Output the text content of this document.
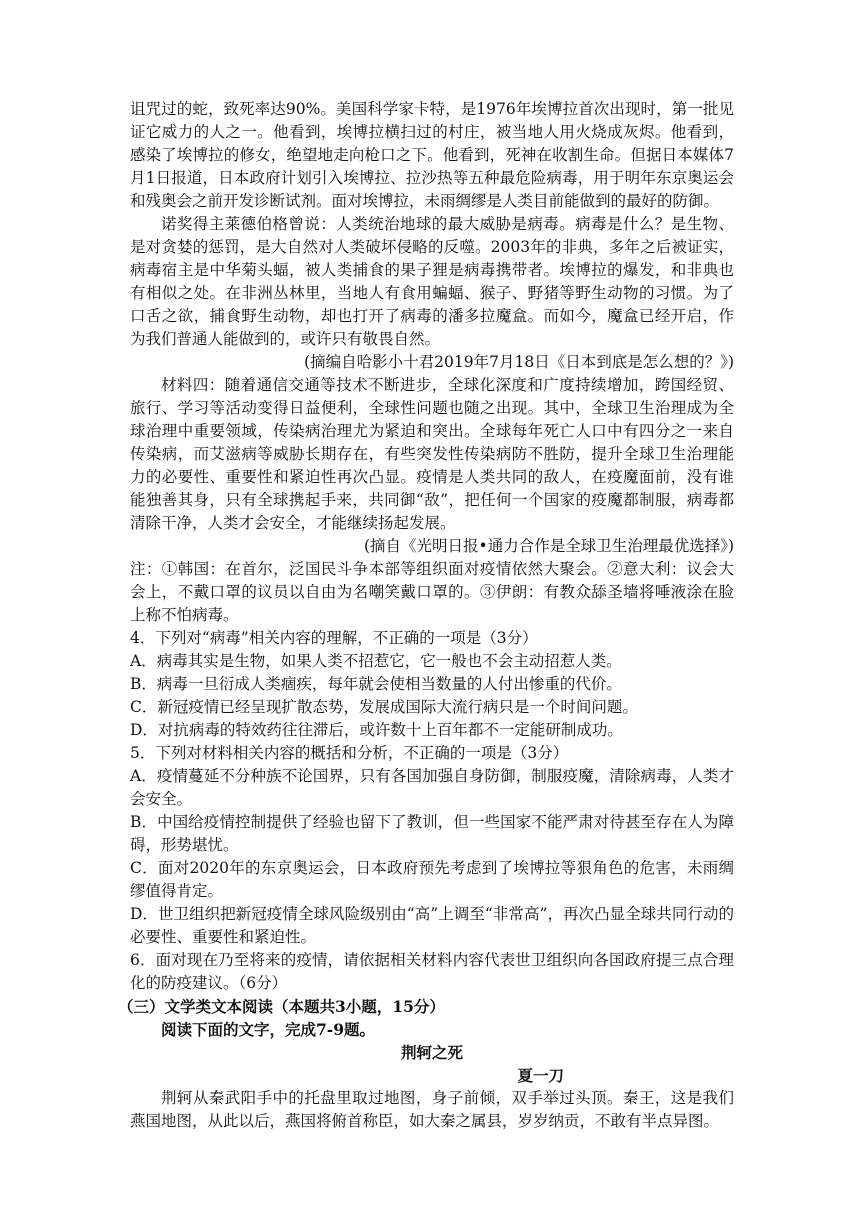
诅咒过的蛇，致死率达90%。美国科学家卡特，是1976年埃博拉首次出现时，第一批见证它威力的人之一。他看到，埃博拉横扫过的村庄，被当地人用火烧成灰烬。他看到，感染了埃博拉的修女，绝望地走向枪口之下。他看到，死神在收割生命。但据日本媒体7月1日报道，日本政府计划引入埃博拉、拉沙热等五种最危险病毒，用于明年东京奥运会和残奥会之前开发诊断试剂。面对埃博拉，未雨绸缪是人类目前能做到的最好的防御。

诺奖得主莱德伯格曾说：人类统治地球的最大威胁是病毒。病毒是什么？是生物、是对贪婪的惩罚，是大自然对人类破坏侵略的反噬。2003年的非典，多年之后被证实，病毒宿主是中华菊头蝠，被人类捕食的果子狸是病毒携带者。埃博拉的爆发，和非典也有相似之处。在非洲丛林里，当地人有食用蝙蝠、猴子、野猪等野生动物的习惯。为了口舌之欲，捕食野生动物，却也打开了病毒的潘多拉魔盒。而如今，魔盒已经开启，作为我们普通人能做到的，或许只有敬畏自然。

(摘编自哈影小十君2019年7月18日《日本到底是怎么想的？》)

材料四：随着通信交通等技术不断进步，全球化深度和广度持续增加，跨国经贸、旅行、学习等活动变得日益便利，全球性问题也随之出现。其中，全球卫生治理成为全球治理中重要领域，传染病治理尤为紧迫和突出。全球每年死亡人口中有四分之一来自传染病，而艾滋病等威胁长期存在，有些突发性传染病防不胜防，提升全球卫生治理能力的必要性、重要性和紧迫性再次凸显。疫情是人类共同的敌人，在疫魔面前，没有谁能独善其身，只有全球携起手来，共同御“敌”，把任何一个国家的疫魔都制服，病毒都清除干净，人类才会安全，才能继续扬起发展。

(摘自《光明日报•通力合作是全球卫生治理最优选择》)

注：①韩国：在首尔，泛国民斗争本部等组织面对疫情依然大聚会。②意大利：议会大会上，不戴口罩的议员以自由为名嘲笑戴口罩的。③伊朗：有教众舔圣墙将唾液涂在脸上称不怕病毒。

4．下列对“病毒”相关内容的理解，不正确的一项是（3分）

A．病毒其实是生物，如果人类不招惹它，它一般也不会主动招惹人类。

B．病毒一旦衍成人类痼疾，每年就会使相当数量的人付出惨重的代价。

C．新冠疫情已经呈现扩散态势，发展成国际大流行病只是一个时间问题。

D．对抗病毒的特效药往往滞后，或许数十上百年都不一定能研制成功。

5．下列对材料相关内容的概括和分析，不正确的一项是（3分）

A．疫情蔓延不分种族不论国界，只有各国加强自身防御，制服疫魔，清除病毒，人类才会安全。

B．中国给疫情控制提供了经验也留下了教训，但一些国家不能严肃对待甚至存在人为障碍，形势堪忧。

C．面对2020年的东京奥运会，日本政府预先考虑到了埃博拉等狠角色的危害，未雨绸缪值得肯定。

D．世卫组织把新冠疫情全球风险级别由“高”上调至“非常高”，再次凸显全球共同行动的必要性、重要性和紧迫性。

6．面对现在乃至将来的疫情，请依据相关材料内容代表世卫组织向各国政府提三点合理化的防疫建议。（6分）

（三）文学类文本阅读（本题共3小题，15分）

阅读下面的文字，完成7-9题。

荆轲之死

夏一刀

荆轲从秦武阳手中的托盘里取过地图，身子前倾，双手举过头顶。秦王，这是我们燕国地图，从此以后，燕国将俯首称臣，如大秦之属县，岁岁纳贡，不敢有半点异图。
